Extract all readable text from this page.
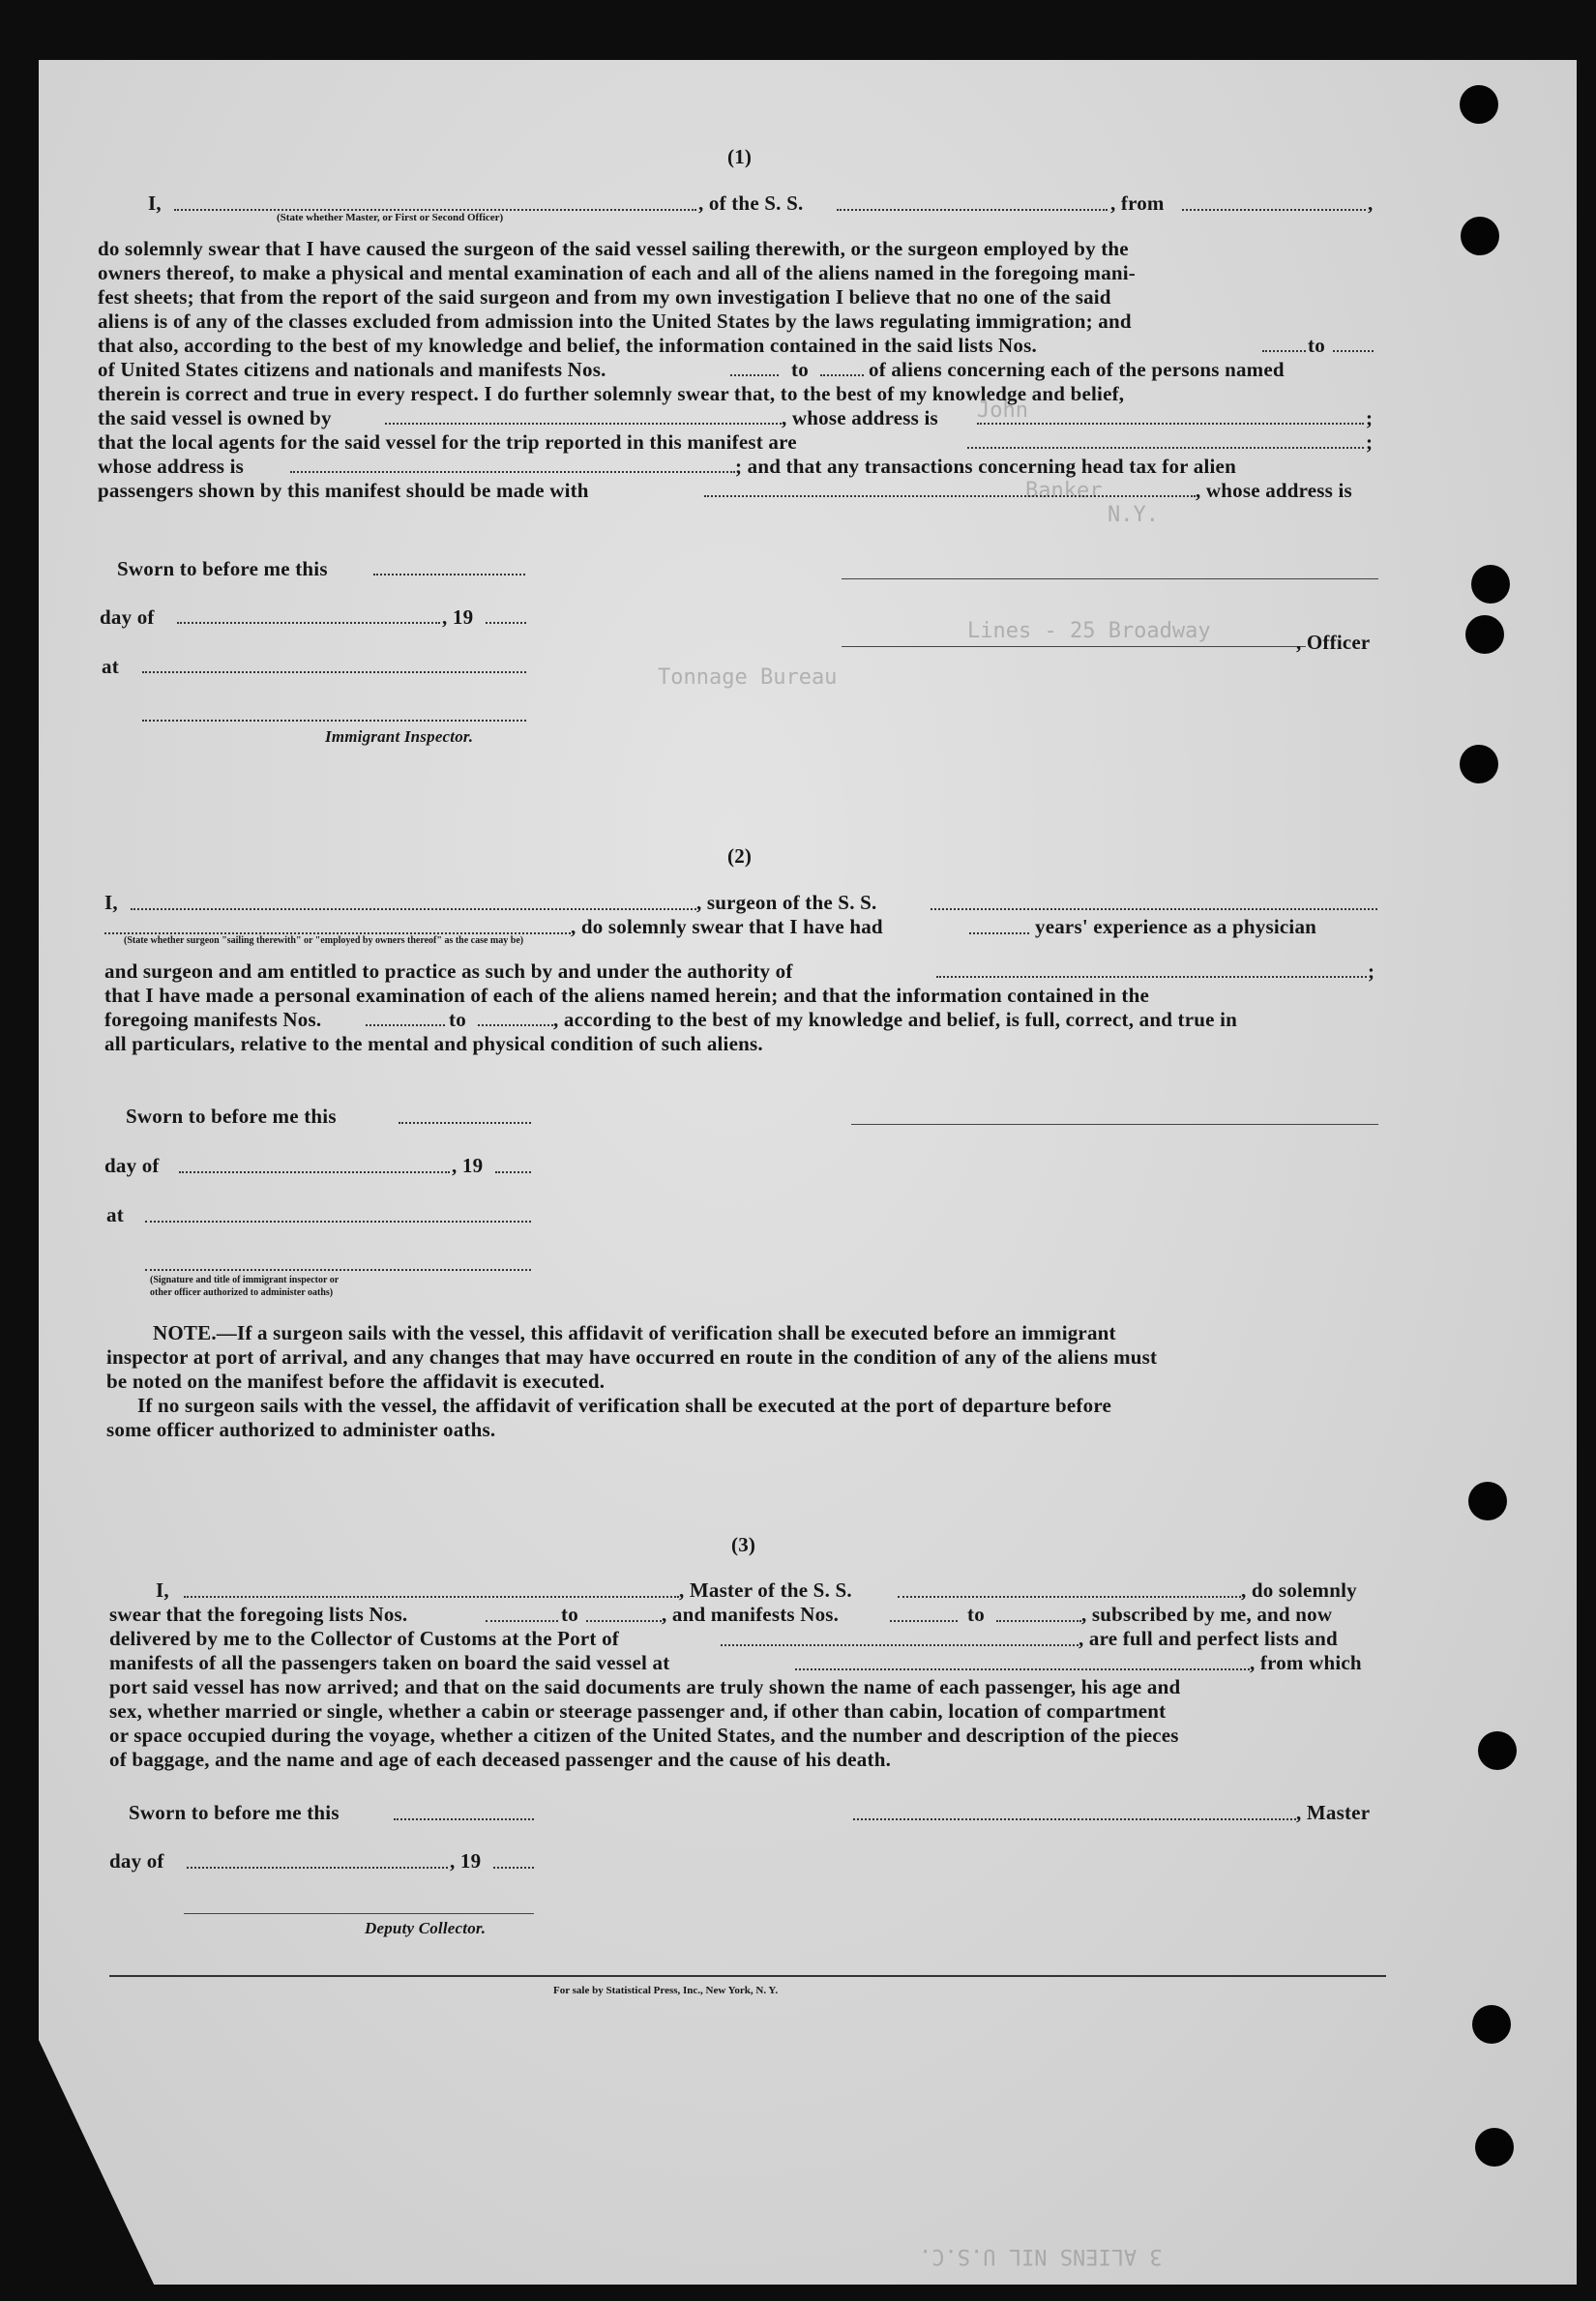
John
Banker
Lines - 25 Broadway
N.Y.
Tonnage Bureau
3 ALIENS NIL U.S.C.
(1)
I,	, of the S. S.	, from	,
(State whether Master, or First or Second Officer)
do solemnly swear that I have caused the surgeon of the said vessel sailing therewith, or the surgeon employed by the
owners thereof, to make a physical and mental examination of each and all of the aliens named in the foregoing mani-
fest sheets; that from the report of the said surgeon and from my own investigation I believe that no one of the said
aliens is of any of the classes excluded from admission into the United States by the laws regulating immigration; and
that also, according to the best of my knowledge and belief, the information contained in the said lists Nos.	to
of United States citizens and nationals and manifests Nos.	to	of aliens concerning each of the persons named
therein is correct and true in every respect. I do further solemnly swear that, to the best of my knowledge and belief,
the said vessel is owned by	, whose address is	;
that the local agents for the said vessel for the trip reported in this manifest are	;
whose address is	; and that any transactions concerning head tax for alien
passengers shown by this manifest should be made with	, whose address is
Sworn to before me this
day of	, 19
at
Immigrant Inspector.
, Officer
(2)
I,	, surgeon of the S. S.
, do solemnly swear that I have had	years' experience as a physician
(State whether surgeon "sailing therewith" or "employed by owners thereof" as the case may be)
and surgeon and am entitled to practice as such by and under the authority of	;
that I have made a personal examination of each of the aliens named herein; and that the information contained in the
foregoing manifests Nos.	to	, according to the best of my knowledge and belief, is full, correct, and true in
all particulars, relative to the mental and physical condition of such aliens.
Sworn to before me this
day of	, 19
at
(Signature and title of immigrant inspector or
other officer authorized to administer oaths)
NOTE.—If a surgeon sails with the vessel, this affidavit of verification shall be executed before an immigrant
inspector at port of arrival, and any changes that may have occurred en route in the condition of any of the aliens must
be noted on the manifest before the affidavit is executed.
If no surgeon sails with the vessel, the affidavit of verification shall be executed at the port of departure before
some officer authorized to administer oaths.
(3)
I,	, Master of the S. S.	, do solemnly
swear that the foregoing lists Nos.	to	, and manifests Nos.	to	, subscribed by me, and now
delivered by me to the Collector of Customs at the Port of	, are full and perfect lists and
manifests of all the passengers taken on board the said vessel at	, from which
port said vessel has now arrived; and that on the said documents are truly shown the name of each passenger, his age and
sex, whether married or single, whether a cabin or steerage passenger and, if other than cabin, location of compartment
or space occupied during the voyage, whether a citizen of the United States, and the number and description of the pieces
of baggage, and the name and age of each deceased passenger and the cause of his death.
Sworn to before me this	, Master
day of	, 19
Deputy Collector.
For sale by Statistical Press, Inc., New York, N. Y.
